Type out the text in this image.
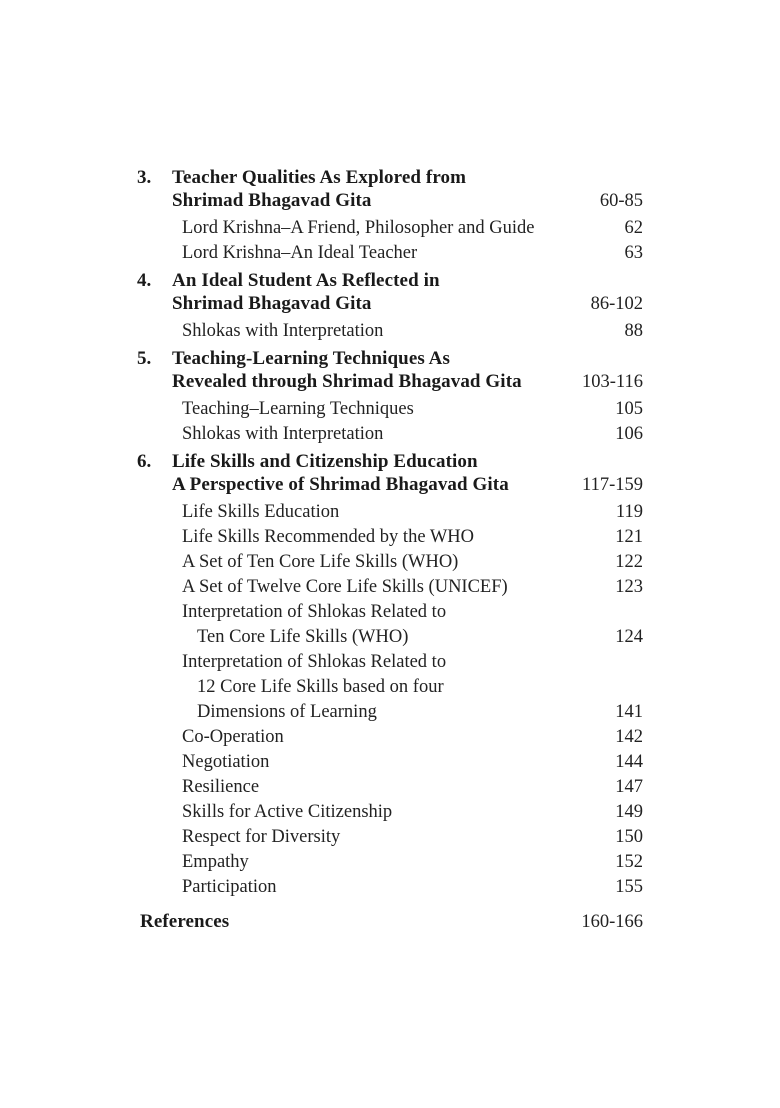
3. Teacher Qualities As Explored from
Shrimad Bhagavad Gita	60-85
Lord Krishna–A Friend, Philosopher and Guide	62
Lord Krishna–An Ideal Teacher	63
4. An Ideal Student As Reflected in
Shrimad Bhagavad Gita	86-102
Shlokas with Interpretation	88
5. Teaching-Learning Techniques As
Revealed through Shrimad Bhagavad Gita	103-116
Teaching–Learning Techniques	105
Shlokas with Interpretation	106
6. Life Skills and Citizenship Education
A Perspective of Shrimad Bhagavad Gita	117-159
Life Skills Education	119
Life Skills Recommended by the WHO	121
A Set of Ten Core Life Skills (WHO)	122
A Set of Twelve Core Life Skills (UNICEF)	123
Interpretation of Shlokas Related to
Ten Core Life Skills (WHO)	124
Interpretation of Shlokas Related to
12 Core Life Skills based on four
Dimensions of Learning	141
Co-Operation	142
Negotiation	144
Resilience	147
Skills for Active Citizenship	149
Respect for Diversity	150
Empathy	152
Participation	155
References	160-166
